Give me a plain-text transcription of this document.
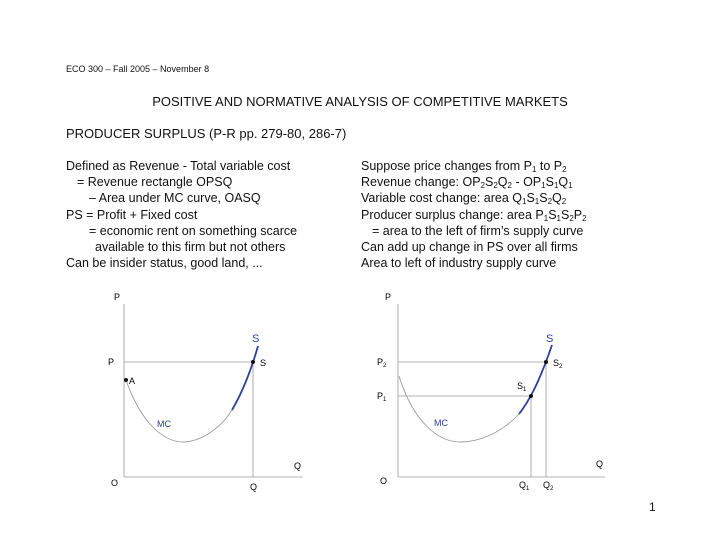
ECO 300 – Fall 2005 – November 8
POSITIVE AND NORMATIVE ANALYSIS OF COMPETITIVE MARKETS
PRODUCER SURPLUS (P-R pp. 279-80, 286-7)
Defined as Revenue - Total variable cost
= Revenue rectangle OPSQ
– Area under MC curve, OASQ
PS = Profit + Fixed cost
= economic rent on something scarce
available to this firm but not others
Can be insider status, good land, ...
Suppose price changes from $P_1$ to $P_2$
Revenue change: $OP_2S_2Q_2 - OP_1S_1Q_1$
Variable cost change: area $Q_1S_1S_2Q_2$
Producer surplus change: area $P_1S_1S_2P_2$
= area to the left of firm’s supply curve
Can add up change in PS over all firms
Area to left of industry supply curve
P
P
S
S
A
MC
Q
O	Q
P
$P_2$
$P_1$
S
$S_2$
$S_1$
MC
Q
O	$Q_1$ $Q_2$
1
